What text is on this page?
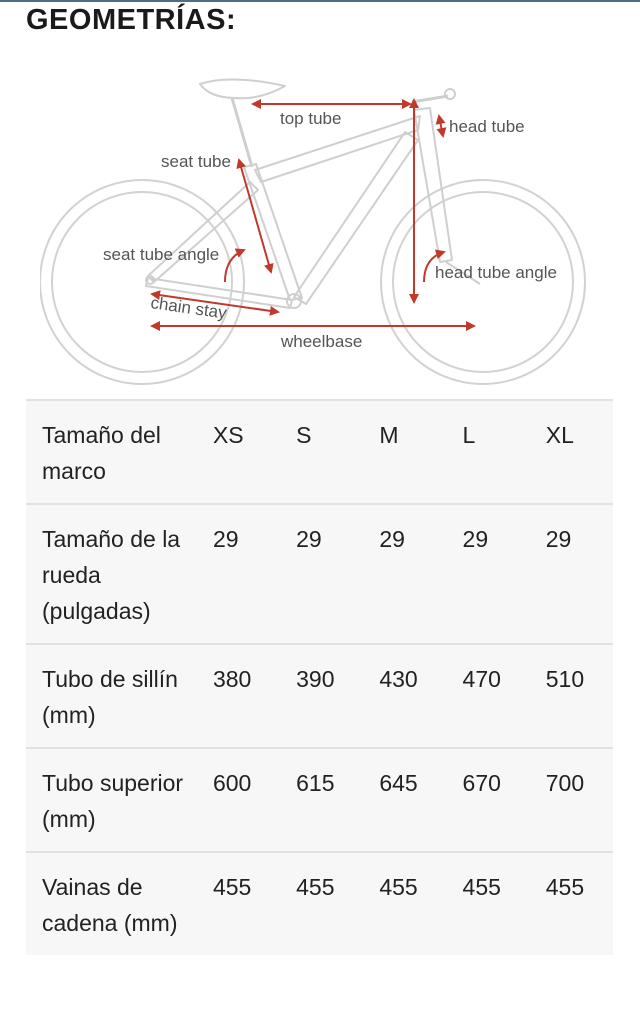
GEOMETRÍAS:
top tube	head tube
seat tube
seat tube angle
head tube angle
chain stay
wheelbase
Tamaño del marco	XS	S	M	L	XL
Tamaño de la rueda (pulgadas)	29	29	29	29	29
Tubo de sillín (mm)	380	390	430	470	510
Tubo superior (mm)	600	615	645	670	700
Vainas de cadena (mm)	455	455	455	455	455
